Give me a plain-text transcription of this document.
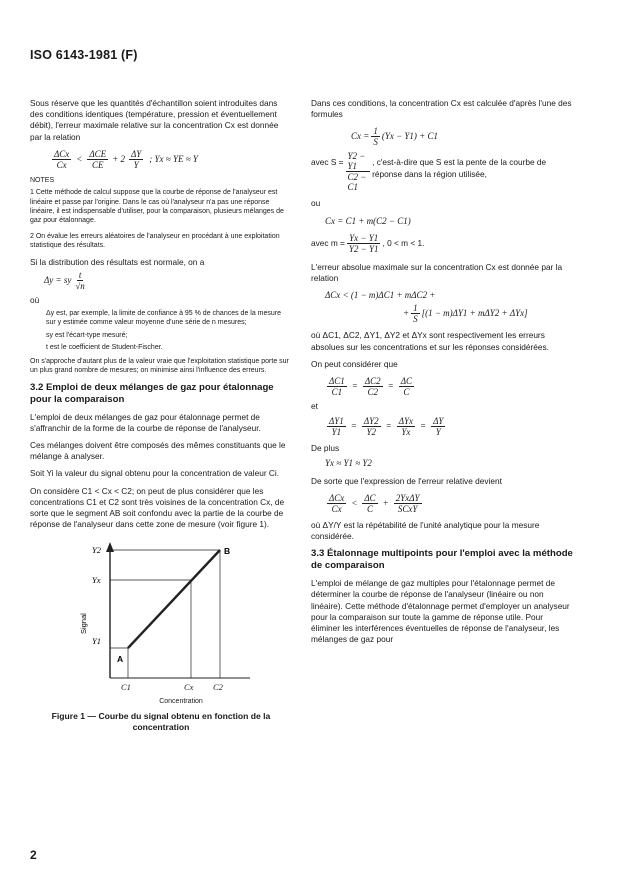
ISO 6143-1981 (F)

Sous réserve que les quantités d'échantillon soient introduites dans des conditions identiques (température, pression et éventuellement débit), l'erreur maximale relative sur la concentration Cx est donnée par la relation

$\frac{\text{ΔCx}}{Cx} < \frac{\text{ΔCE}}{CE} + 2 \frac{\Delta Y}{Y}$ ; Yx ≈ YE ≈ Y
NOTES

1 Cette méthode de calcul suppose que la courbe de réponse de l'analyseur est linéaire et passe par l'origine. Dans le cas où l'analyseur n'a pas une réponse linéaire, il est indispensable d'utiliser, pour la comparaison, plusieurs mélanges de gaz pour étalonnage.

2 On évalue les erreurs aléatoires de l'analyseur en procédant à une exploitation statistique des résultats.

Si la distribution des résultats est normale, on a

Δy = sy $\frac{t}{√n}$
où

Δy est, par exemple, la limite de confiance à 95 % de chances de la mesure sur y estimée comme valeur moyenne d'une série de n mesures;

sy est l'écart-type mesuré;

t est le coefficient de Student-Fischer.

On s'approche d'autant plus de la valeur vraie que l'exploitation statistique porte sur un plus grand nombre de mesures; on minimise ainsi l'influence des erreurs.

3.2 Emploi de deux mélanges de gaz pour étalonnage pour la comparaison

L'emploi de deux mélanges de gaz pour étalonnage permet de s'affranchir de la forme de la courbe de réponse de l'analyseur.

Ces mélanges doivent être composés des mêmes constituants que le mélange à analyser.

Soit Yi la valeur du signal obtenu pour la concentration de valeur Ci.

On considère C1 < Cx < C2; on peut de plus considérer que les concentrations C1 et C2 sont très voisines de la concentration Cx, de sorte que le segment AB soit confondu avec la partie de la courbe de réponse de l'analyseur dans cette zone de mesure (voir figure 1).

Y2
Yx
Y1
Signal
A
B
C1	Cx C2
Concentration
Figure 1 — Courbe du signal obtenu en fonction de la concentration

Dans ces conditions, la concentration Cx est calculée d'après l'une des formules

$Cx = \frac{1}{S} (Yx - Y1) + C1$
avec $S = \frac{Y2 - Y1}{C2 - C1}$ , c'est-à-dire que S est la pente de la courbe de réponse dans la région utilisée,
ou
Cx = C1 + m(C2 − C1)
avec $m = \frac{Yx - Y1}{Y2 - Y1}$ , 0 < m < 1.

L'erreur absolue maximale sur la concentration Cx est donnée par la relation

ΔCx < (1 − m)ΔC1 + mΔC2 +
+ $\frac{1}{S} [(1 - m)\Delta Y1 + m\Delta Y2 + \Delta Yx]$

où ΔC1, ΔC2, ΔY1, ΔY2 et ΔYx sont respectivement les erreurs absolues sur les concentrations et sur les réponses considérées.

On peut considérer que

$\frac{\Delta C1}{C1} = \frac{\Delta C2}{C2} = \frac{\Delta C}{C}$
et
$\frac{\Delta Y1}{Y1} = \frac{\Delta Y2}{Y2} = \frac{\text{ΔYx}}{Yx} = \frac{\Delta Y}{Y}$
De plus
Yx ≈ Y1 ≈ Y2

De sorte que l'expression de l'erreur relative devient

$\frac{\text{ΔCx}}{Cx} < \frac{\Delta C}{C} + \frac{\text{2YxΔY}}{\text{SCxY}}$

où ΔY/Y est la répétabilité de l'unité analytique pour la mesure considérée.

3.3 Étalonnage multipoints pour l'emploi avec la méthode de comparaison

L'emploi de mélange de gaz multiples pour l'étalonnage permet de déterminer la courbe de réponse de l'analyseur (linéaire ou non linéaire). Cette méthode d'étalonnage permet d'employer un analyseur pour la comparaison sur toute la gamme de réponse utile. Pour éliminer les interférences éventuelles de réponse de l'analyseur, les mélanges de gaz pour

2
